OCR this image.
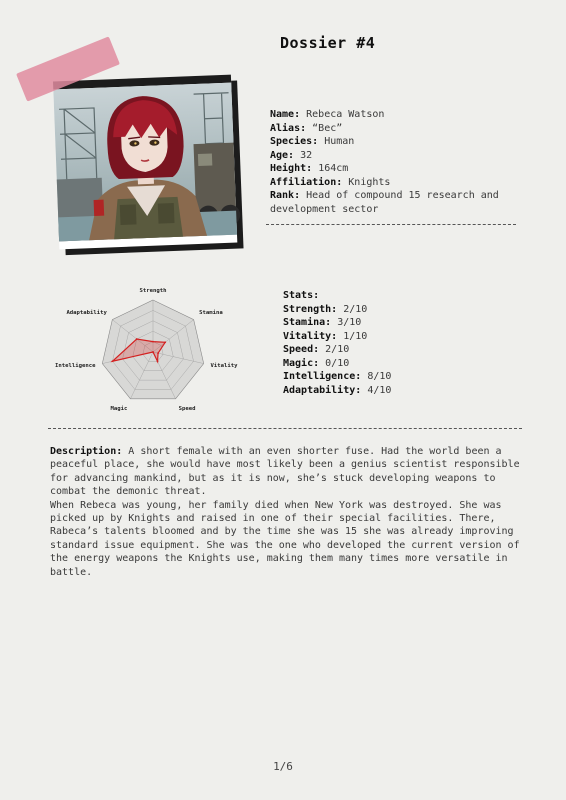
Dossier #4

Name: Rebeca Watson

Alias: “Bec”

Species: Human

Age: 32

Height: 164cm

Affiliation: Knights

Rank: Head of compound 15 research and development sector

Strength
Stamina
Vitality
Speed
Magic
Intelligence
Adaptability

Stats:

Strength: 2/10

Stamina: 3/10

Vitality: 1/10

Speed: 2/10

Magic: 0/10

Intelligence: 8/10

Adaptability: 4/10

Description: A short female with an even shorter fuse. Had the world been a peaceful place, she would have most likely been a genius scientist responsible for advancing mankind, but as it is now, she’s stuck developing weapons to combat the demonic threat.

When Rebeca was young, her family died when New York was destroyed. She was picked up by Knights and raised in one of their special facilities. There, Rabeca’s talents bloomed and by the time she was 15 she was already improving standard issue equipment. She was the one who developed the current version of the energy weapons the Knights use, making them many times more versatile in battle.

1/6
